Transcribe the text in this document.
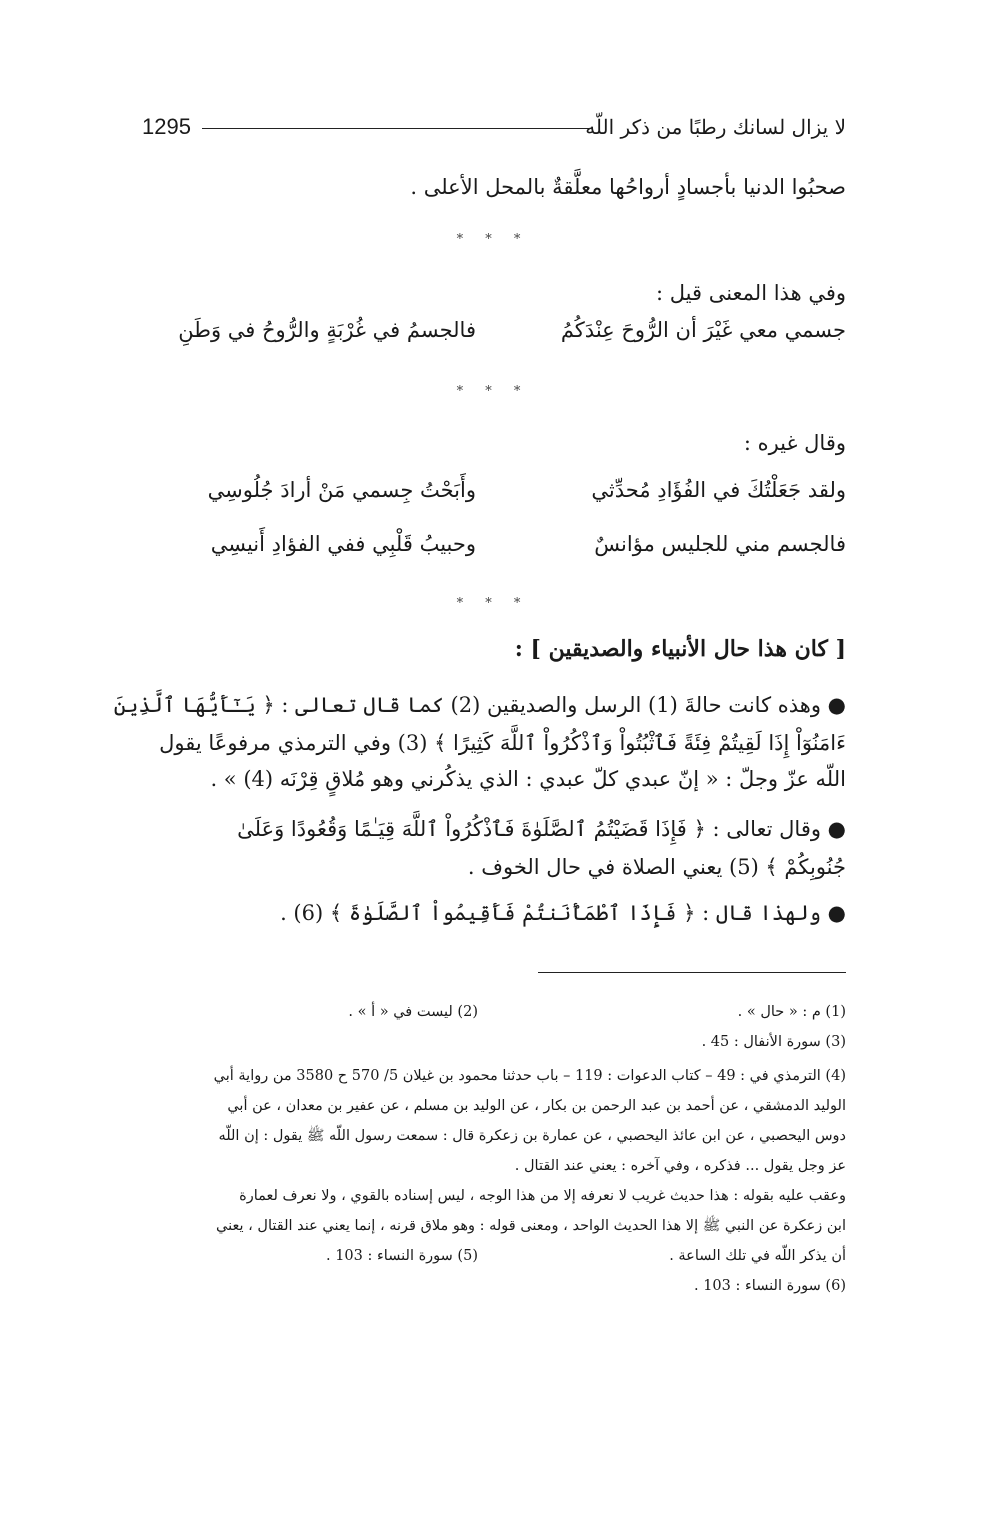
لا يزال لسانك رطبًا من ذكر اللّه
1295
صحبُوا الدنيا بأجسادٍ أرواحُها معلَّقةٌ بالمحل الأعلى .
* * *
وفي هذا المعنى قيل :
جسمي معي غَيْرَ أن الرُّوحَ عِنْدَكُمُ
فالجسمُ في غُرْبَةٍ والرُّوحُ في وَطَنِ
* * *
وقال غيره :
ولقد جَعَلْتُكَ في الفُؤَادِ مُحدِّثي
وأَبَحْتُ جِسمي مَنْ أرادَ جُلُوسِي
فالجسم مني للجليس مؤانسٌ
وحبيبُ قَلْبِي ففي الفؤادِ أَنيسِي
* * *
[ كان هذا حال الأنبياء والصديقين ] :
● وهذه كانت حالةَ (1) الرسل والصديقين (2) كما قال تعالى : ﴿ يَـٰٓأَيُّهَا ٱلَّذِينَ
ءَامَنُوٓاْ إِذَا لَقِيتُمْ فِئَةً فَٱثْبُتُواْ وَٱذْكُرُواْ ٱللَّهَ كَثِيرًا ﴾ (3) وفي الترمذي مرفوعًا يقول
اللّه عزّ وجلّ : « إنّ عبدي كلّ عبدي : الذي يذكُرني وهو مُلاقٍ قِرْنَه (4) » .
● وقال تعالى : ﴿ فَإِذَا قَضَيْتُمُ ٱلصَّلَوٰةَ فَٱذْكُرُواْ ٱللَّهَ قِيَـٰمًا وَقُعُودًا وَعَلَىٰ
جُنُوبِكُمْ ﴾ (5) يعني الصلاة في حال الخوف .
● ولهذا قال : ﴿ فَإِذَا ٱطْمَأْنَنتُمْ فَأَقِيمُواْ ٱلصَّلَوٰةَ ﴾ (6) .
(1) م : « حال » .
(2) ليست في « أ » .
(3) سورة الأنفال : 45 .
(4) الترمذي في : 49 – كتاب الدعوات : 119 – باب حدثنا محمود بن غيلان 5/ 570 ح 3580 من رواية أبي
الوليد الدمشقي ، عن أحمد بن عبد الرحمن بن بكار ، عن الوليد بن مسلم ، عن عفير بن معدان ، عن أبي
دوس اليحصبي ، عن ابن عائذ اليحصبي ، عن عمارة بن زعكرة قال : سمعت رسول اللّه ﷺ يقول : إن اللّه
عز وجل يقول ... فذكره ، وفي آخره : يعني عند القتال .
وعقب عليه بقوله : هذا حديث غريب لا نعرفه إلا من هذا الوجه ، ليس إسناده بالقوي ، ولا نعرف لعمارة
ابن زعكرة عن النبي ﷺ إلا هذا الحديث الواحد ، ومعنى قوله : وهو ملاق قرنه ، إنما يعني عند القتال ، يعني
أن يذكر اللّه في تلك الساعة .
(5) سورة النساء : 103 .
(6) سورة النساء : 103 .
